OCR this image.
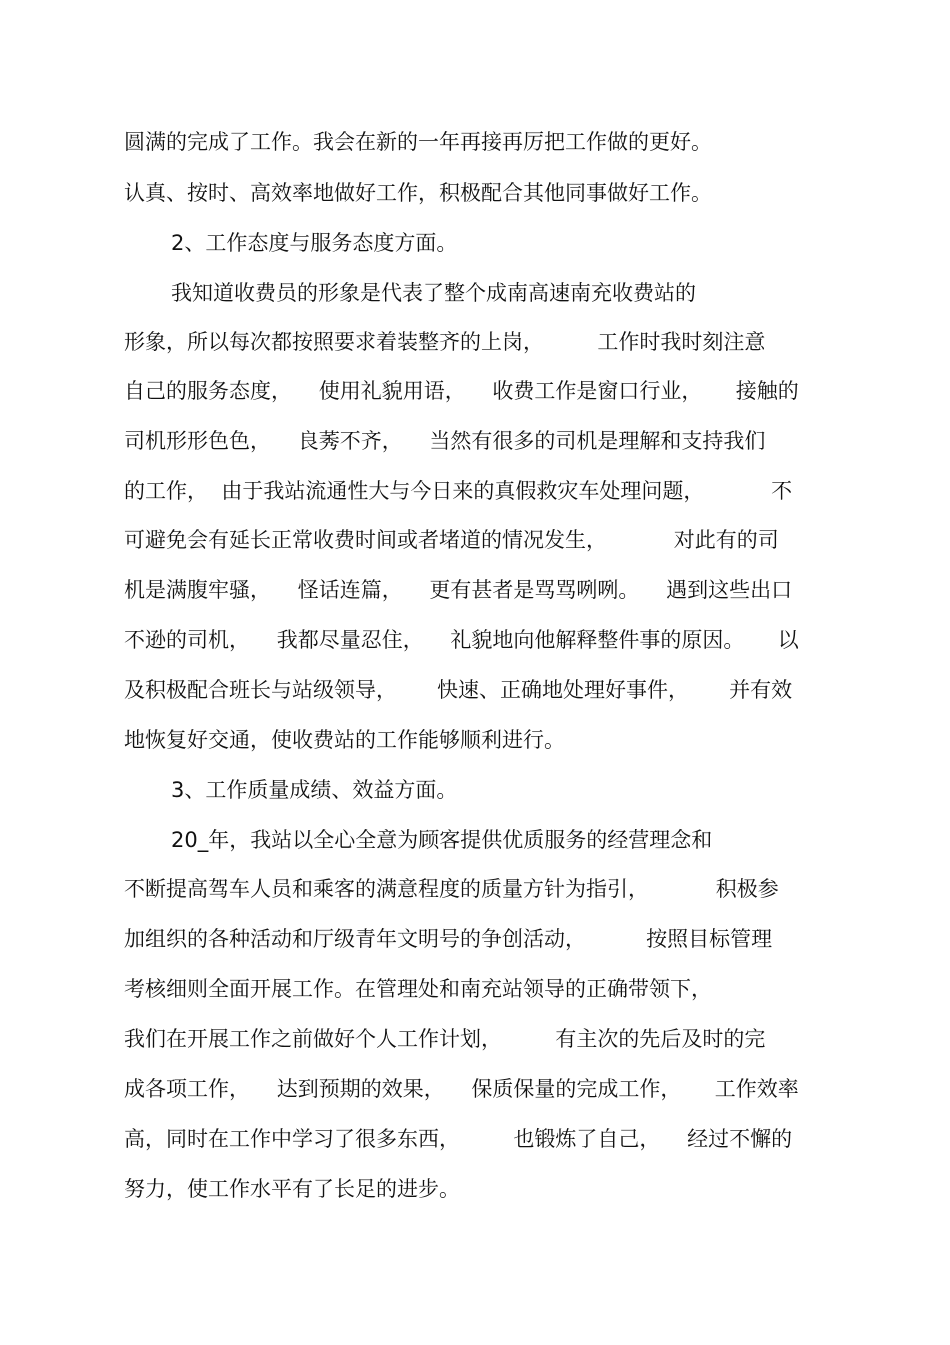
圆满的完成了工作。我会在新的一年再接再厉把工作做的更好。
认真、按时、高效率地做好工作，积极配合其他同事做好工作。
2、工作态度与服务态度方面。
我知道收费员的形象是代表了整个成南高速南充收费站的
形象，所以每次都按照要求着装整齐的上岗，        工作时我时刻注意
自己的服务态度，    使用礼貌用语，    收费工作是窗口行业，     接触的
司机形形色色，    良莠不齐，    当然有很多的司机是理解和支持我们
的工作，  由于我站流通性大与今日来的真假救灾车处理问题，          不
可避免会有延长正常收费时间或者堵道的情况发生，          对此有的司
机是满腹牢骚，    怪话连篇，    更有甚者是骂骂咧咧。    遇到这些出口
不逊的司机，    我都尽量忍住，    礼貌地向他解释整件事的原因。     以
及积极配合班长与站级领导，      快速、正确地处理好事件，      并有效
地恢复好交通，使收费站的工作能够顺利进行。
3、工作质量成绩、效益方面。
20_年，我站以全心全意为顾客提供优质服务的经营理念和
不断提高驾车人员和乘客的满意程度的质量方针为指引，          积极参
加组织的各种活动和厅级青年文明号的争创活动，         按照目标管理
考核细则全面开展工作。在管理处和南充站领导的正确带领下，
我们在开展工作之前做好个人工作计划，        有主次的先后及时的完
成各项工作，    达到预期的效果，    保质保量的完成工作，     工作效率
高，同时在工作中学习了很多东西，        也锻炼了自己，    经过不懈的
努力，使工作水平有了长足的进步。
